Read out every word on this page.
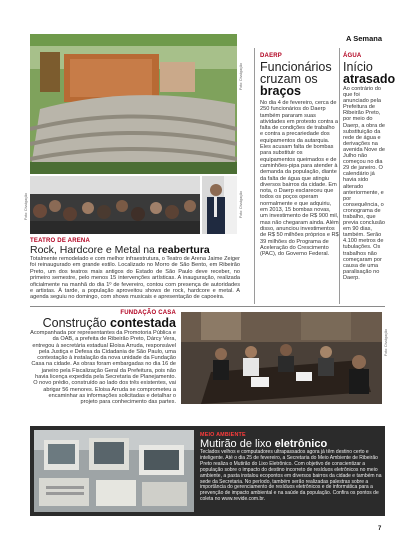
A Semana
Foto: Divulgação
Foto: Divulgação	Foto: Divulgação
TEATRO DE ARENA
Rock, Hardcore e Metal na reabertura
Totalmente remodelado e com melhor infraestrutura, o Teatro de Arena Jaime Zeiger foi reinaugurado em grande estilo. Localizado no Morro de São Bento, em Ribeirão Preto, um dos teatros mais antigos do Estado de São Paulo deve receber, no primeiro semestre, pelo menos 15 intervenções artísticas. A inauguração, realizada oficialmente na manhã do dia 1º de fevereiro, contou com presença de autoridades e artistas. À tarde, a população aproveitou shows de rock, hardcore e metal. A agenda seguiu no domingo, com shows musicais e apresentação de capoeira.
DAERP
Funcionários cruzam os braços
No dia 4 de fevereiro, cerca de 250 funcionários do Daerp também pararam suas atividades em protesto contra a falta de condições de trabalho e contra a precariedade dos equipamentos da autarquia. Eles acusam falta de bombas para substituir os equipamentos queimados e de caminhões-pipa para atender à demanda da população, diante da falta de água que atingiu diversos bairros da cidade. Em nota, o Daerp esclareceu que todos os poços operam normalmente e que adquiriu, em 2013, 15 bombas novas, um investimento de R$ 900 mil, mas não chegaram ainda. Além disso, anunciou investimentos de R$ 50 milhões próprios e R$ 39 milhões do Programa de Aceleração do Crescimento (PAC), do Governo Federal.
ÁGUA
Início atrasado
Ao contrário do que foi anunciado pela Prefeitura de Ribeirão Preto, por meio do Daerp, a obra de substituição da rede de água e derivações na avenida Nove de Julho não começou no dia 29 de janeiro. O calendário já havia sido alterado anteriormente, e por consequência, o cronograma de trabalho, que previa conclusão em 90 dias, também. Serão 4.100 metros de tubulações. Os trabalhos não começaram por causa de uma paralisação no Daerp.
FUNDAÇÃO CASA
Construção contestada
Acompanhada por representantes da Promotoria Pública e da OAB, a prefeita de Ribeirão Preto, Dárcy Vera, entregou à secretária estadual Eloisa Arruda, responsável pela Justiça e Defesa da Cidadania de São Paulo, uma contestação à instalação da nova unidade da Fundação Casa na cidade. As obras foram embargadas no dia 16 de janeiro pela Fiscalização Geral da Prefeitura, pois não havia licença expedida pela Secretaria de Planejamento. O novo prédio, construído ao lado dos três existentes, vai abrigar 56 menores. Eloisa Arruda se comprometeu a encaminhar as informações solicitadas e detalhar o projeto para conhecimento das partes.
Foto: Divulgação
MEIO AMBIENTE
Mutirão de lixo eletrônico
Teclados velhos e computadores ultrapassados agora já têm destino certo e inteligente. Até o dia 25 de fevereiro, a Secretaria do Meio Ambiente de Ribeirão Preto realiza o Mutirão do Lixo Eletrônico. Com objetivo de conscientizar a população sobre o impacto do destino incorreto de resíduos eletrônicos no meio ambiente, a pasta instalou ecopontos em diversos bairros da cidade e também na sede da Secretaria. No período, também serão realizadas palestras sobre a importância do gerenciamento de resíduos eletrônicos e de informática para a prevenção de impacto ambiental e na saúde da população. Confira os pontos de coleta no www.revide.com.br.
7
